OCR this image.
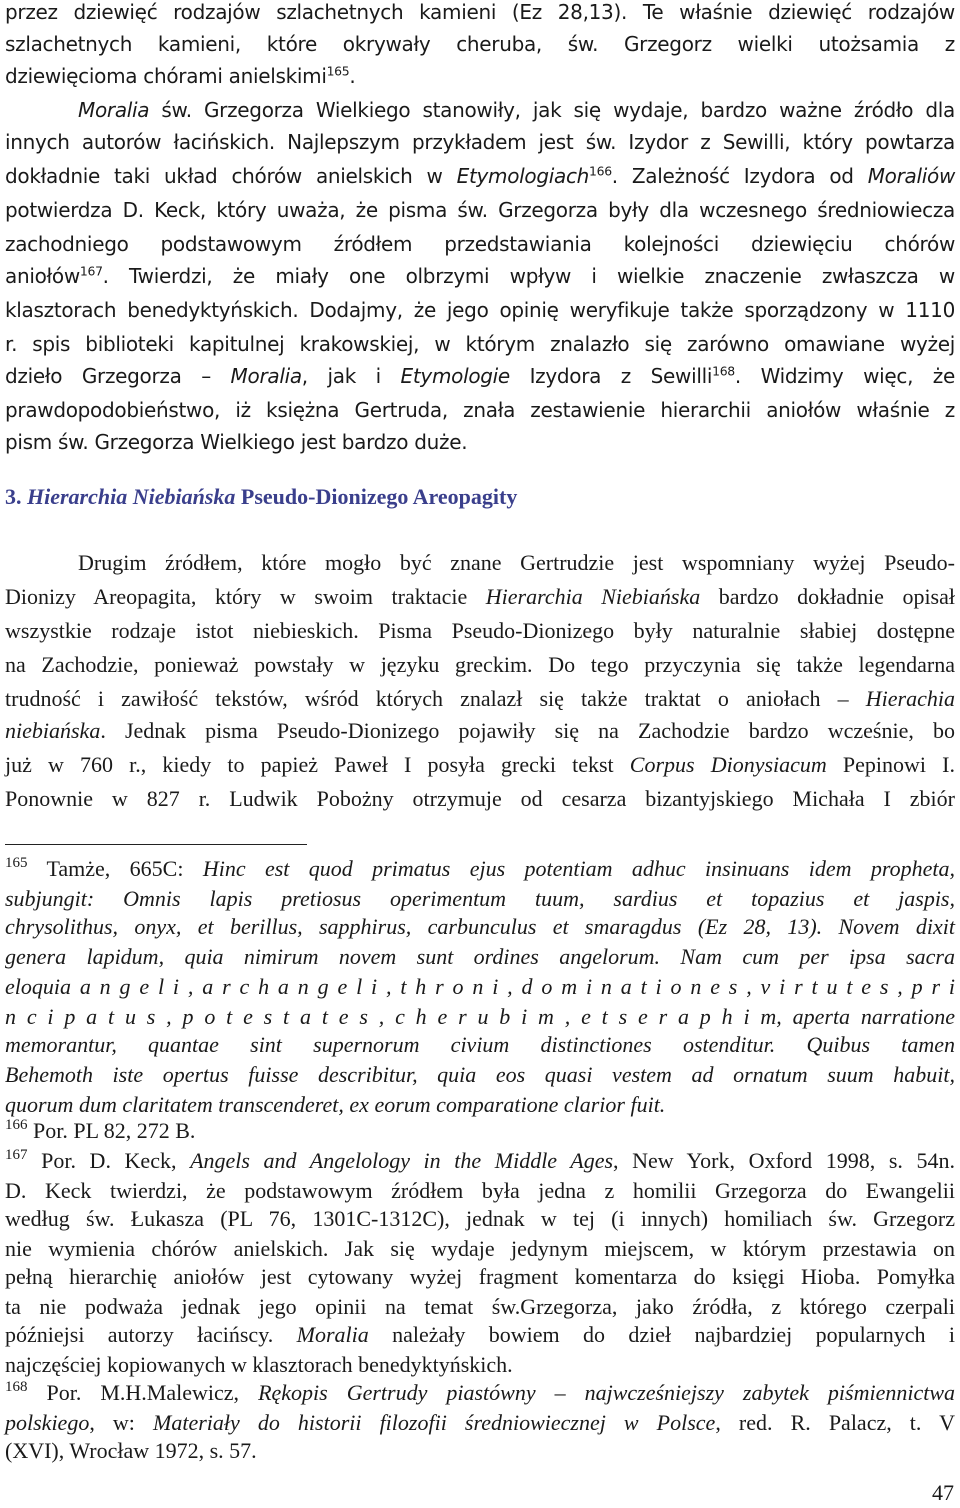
przez dziewięć rodzajów szlachetnych kamieni (Ez 28,13). Te właśnie dziewięć rodzajów
szlachetnych kamieni, które okrywały cheruba, św. Grzegorz wielki utożsamia z
dziewięcioma chórami anielskimi$^{165}$.
Moralia św. Grzegorza Wielkiego stanowiły, jak się wydaje, bardzo ważne źródło dla
innych autorów łacińskich. Najlepszym przykładem jest św. Izydor z Sewilli, który powtarza
dokładnie taki układ chórów anielskich w Etymologiach$^{166}$. Zależność Izydora od Moraliów
potwierdza D. Keck, który uważa, że pisma św. Grzegorza były dla wczesnego średniowiecza
zachodniego podstawowym źródłem przedstawiania kolejności dziewięciu chórów
aniołów$^{167}$. Twierdzi, że miały one olbrzymi wpływ i wielkie znaczenie zwłaszcza w
klasztorach benedyktyńskich. Dodajmy, że jego opinię weryfikuje także sporządzony w 1110
r. spis biblioteki kapitulnej krakowskiej, w którym znalazło się zarówno omawiane wyżej
dzieło Grzegorza – Moralia, jak i Etymologie Izydora z Sewilli$^{168}$. Widzimy więc, że
prawdopodobieństwo, iż księżna Gertruda, znała zestawienie hierarchii aniołów właśnie z
pism św. Grzegorza Wielkiego jest bardzo duże.
3. Hierarchia Niebiańska Pseudo-Dionizego Areopagity
Drugim źródłem, które mogło być znane Gertrudzie jest wspomniany wyżej Pseudo-
Dionizy Areopagita, który w swoim traktacie Hierarchia Niebiańska bardzo dokładnie opisał
wszystkie rodzaje istot niebieskich. Pisma Pseudo-Dionizego były naturalnie słabiej dostępne
na Zachodzie, ponieważ powstały w języku greckim. Do tego przyczynia się także legendarna
trudność i zawiłość tekstów, wśród których znalazł się także traktat o aniołach – Hierachia
niebiańska. Jednak pisma Pseudo-Dionizego pojawiły się na Zachodzie bardzo wcześnie, bo
już w 760 r., kiedy to papież Paweł I posyła grecki tekst Corpus Dionysiacum Pepinowi I.
Ponownie w 827 r. Ludwik Pobożny otrzymuje od cesarza bizantyjskiego Michała I zbiór
$^{165}$ Tamże, 665C: Hinc est quod primatus ejus potentiam adhuc insinuans idem propheta,
subjungit: Omnis lapis pretiosus operimentum tuum, sardius et topazius et jaspis,
chrysolithus, onyx, et berillus, sapphirus, carbunculus et smaragdus (Ez 28, 13). Novem dixit
genera lapidum, quia nimirum novem sunt ordines angelorum. Nam cum per ipsa sacra
eloquia a n g e l i , a r c h a n g e l i , t h r o n i , d o m i n a t i o n e s , v i r t u t e s , p r i
n c i p a t u s , p o t e s t a t e s , c h e r u b i m , e t s e r a p h i m, aperta narratione
memorantur, quantae sint supernorum civium distinctiones ostenditur. Quibus tamen
Behemoth iste opertus fuisse describitur, quia eos quasi vestem ad ornatum suum habuit,
quorum dum claritatem transcenderet, ex eorum comparatione clarior fuit.
$^{166}$ Por. PL 82, 272 B.
$^{167}$ Por. D. Keck, Angels and Angelology in the Middle Ages, New York, Oxford 1998, s. 54n.
D. Keck twierdzi, że podstawowym źródłem była jedna z homilii Grzegorza do Ewangelii
według św. Łukasza (PL 76, 1301C-1312C), jednak w tej (i innych) homiliach św. Grzegorz
nie wymienia chórów anielskich. Jak się wydaje jedynym miejscem, w którym przestawia on
pełną hierarchię aniołów jest cytowany wyżej fragment komentarza do księgi Hioba. Pomyłka
ta nie podważa jednak jego opinii na temat św.Grzegorza, jako źródła, z którego czerpali
późniejsi autorzy łacińscy. Moralia należały bowiem do dzieł najbardziej popularnych i
najczęściej kopiowanych w klasztorach benedyktyńskich.
$^{168}$ Por. M.H.Malewicz, Rękopis Gertrudy piastówny – najwcześniejszy zabytek piśmiennictwa
polskiego, w: Materiały do historii filozofii średniowiecznej w Polsce, red. R. Palacz, t. V
(XVI), Wrocław 1972, s. 57.
47
